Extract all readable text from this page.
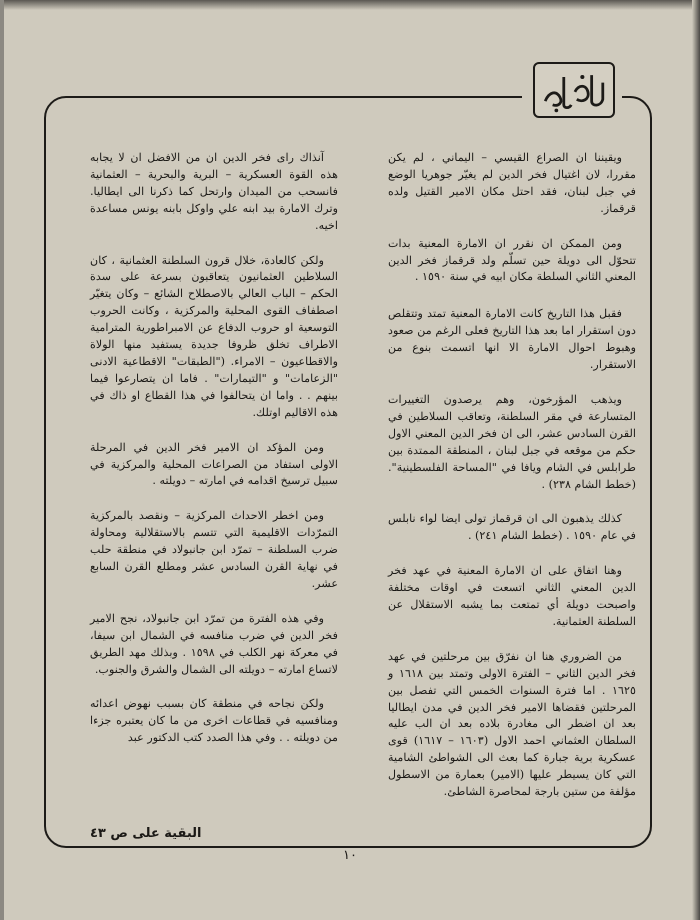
ويقيننا ان الصراع القيسي – اليماني ، لم يكن مقررا، لان اغتيال فخر الدين لم يغيّر جوهريا الوضع في جبل لبنان، فقد احتل مكان الامير القتيل ولده قرقماز.

ومن الممكن ان نقرر ان الامارة المعنية بدات تتحوّل الى دويلة حين تسلّم ولد قرقماز فخر الدين المعني الثاني السلطة مكان ابيه في سنة ١٥٩٠ .

فقبل هذا التاريخ كانت الامارة المعنية تمتد وتتقلص دون استقرار اما بعد هذا التاريخ فعلى الرغم من صعود وهبوط احوال الامارة الا انها اتسمت بنوع من الاستقرار.

ويذهب المؤرخون، وهم يرصدون التغييرات المتسارعة في مقر السلطنة، وتعاقب السلاطين في القرن السادس عشر، الى ان فخر الدين المعني الاول حكم من موقعه في جبل لبنان ، المنطقة الممتدة بين طرابلس في الشام ويافا في "المساحة الفلسطينية". (خطط الشام ٢٣٨) .

كذلك يذهبون الى ان قرقماز تولى ايضا لواء نابلس في عام ١٥٩٠ . (خطط الشام ٢٤١) .

وهنا اتفاق على ان الامارة المعنية في عهد فخر الدين المعني الثاني اتسعت في اوقات مختلفة واصبحت دويلة أي تمتعت بما يشبه الاستقلال عن السلطنة العثمانية.

من الضروري هنا ان نفرّق بين مرحلتين في عهد فخر الدين الثاني – الفترة الاولى وتمتد بين ١٦١٨ و ١٦٢٥ . اما فترة السنوات الخمس التي تفصل بين المرحلتين فقضاها الامير فخر الدين في مدن ايطاليا بعد ان اضطر الى مغادرة بلاده بعد ان الب عليه السلطان العثماني احمد الاول (١٦٠٣ – ١٦١٧) قوى عسكرية برية جبارة كما بعث الى الشواطئ الشامية التي كان يسيطر عليها (الامير) بعمارة من الاسطول مؤلفة من ستين بارجة لمحاصرة الشاطئ.

آنذاك راى فخر الدين ان من الافضل ان لا يجابه هذه القوة العسكرية – البرية والبحرية – العثمانية فانسحب من الميدان وارتحل كما ذكرنا الى ايطاليا. وترك الامارة بيد ابنه علي واوكل بابنه يونس مساعدة اخيه.

ولكن كالعادة، خلال قرون السلطنة العثمانية ، كان السلاطين العثمانيون يتعاقبون بسرعة على سدة الحكم – الباب العالي بالاصطلاح الشائع – وكان يتغيّر اصطفاف القوى المحلية والمركزية ، وكانت الحروب التوسعية او حروب الدفاع عن الامبراطورية المترامية الاطراف تخلق ظروفا جديدة يستفيد منها الولاة والاقطاعيون – الامراء. ("الطبقات" الاقطاعية الادنى "الزعامات" و "التيمارات" . فاما ان يتصارعوا فيما بينهم . . واما ان يتحالفوا في هذا القطاع او ذاك في هذه الاقاليم اوتلك.

ومن المؤكد ان الامير فخر الدين في المرحلة الاولى استفاد من الصراعات المحلية والمركزية في سبيل ترسيخ اقدامه في امارته – دويلته .

ومن اخطر الاحداث المركزية – ونقصد بالمركزية التمرّدات الاقليمية التي تتسم بالاستقلالية ومحاولة ضرب السلطنة – تمرّد ابن جانبولاد في منطقة حلب في نهاية القرن السادس عشر ومطلع القرن السابع عشر.

وفي هذه الفترة من تمرّد ابن جانبولاد، نجح الامير فخر الدين في ضرب منافسه في الشمال ابن سيفا، في معركة نهر الكلب في ١٥٩٨ . وبذلك مهد الطريق لاتساع امارته – دويلته الى الشمال والشرق والجنوب.

ولكن نجاحه في منطقة كان بسبب نهوض اعدائه ومنافسيه في قطاعات اخرى من ما كان يعتبره جزءا من دويلته . . وفي هذا الصدد كتب الدكتور عبد

البقية على ص ٤٣
١٠
